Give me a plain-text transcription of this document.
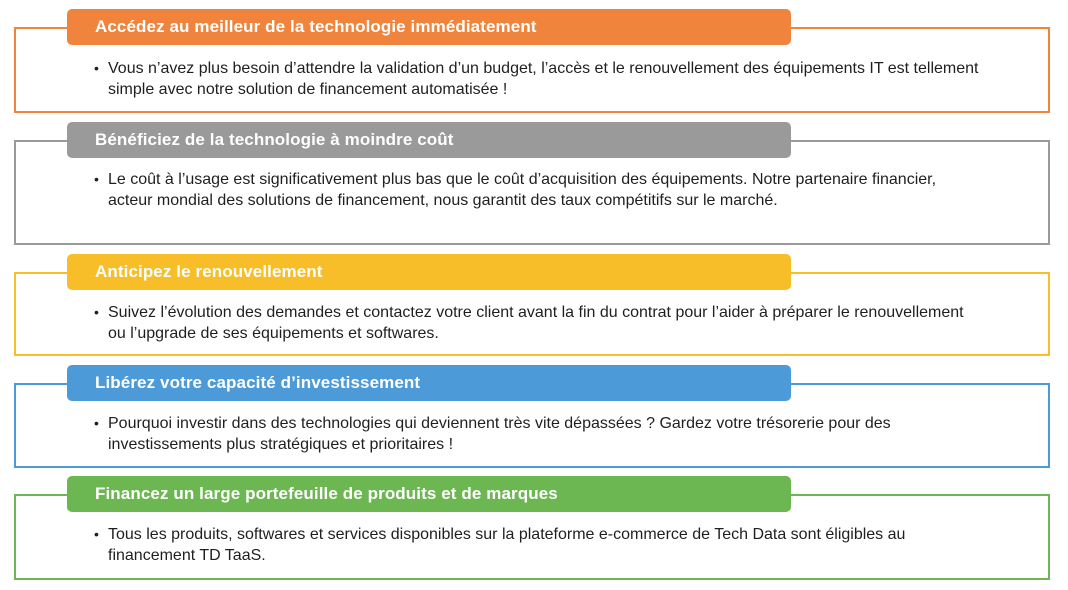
Accédez au meilleur de la technologie immédiatement
• Vous n’avez plus besoin d’attendre la validation d’un budget, l’accès et le renouvellement des équipements IT est tellement simple avec notre solution de financement automatisée !
Bénéficiez de la technologie à moindre coût
• Le coût à l’usage est significativement plus bas que le coût d’acquisition des équipements. Notre partenaire financier, acteur mondial des solutions de financement, nous garantit des taux compétitifs sur le marché.
Anticipez le renouvellement
• Suivez l’évolution des demandes et contactez votre client avant la fin du contrat pour l’aider à préparer le renouvellement ou l’upgrade de ses équipements et softwares.
Libérez votre capacité d’investissement
• Pourquoi investir dans des technologies qui deviennent très vite dépassées ? Gardez votre trésorerie pour des investissements plus stratégiques et prioritaires !
Financez un large portefeuille de produits et de marques
• Tous les produits, softwares et services disponibles sur la plateforme e-commerce de Tech Data sont éligibles au financement TD TaaS.
